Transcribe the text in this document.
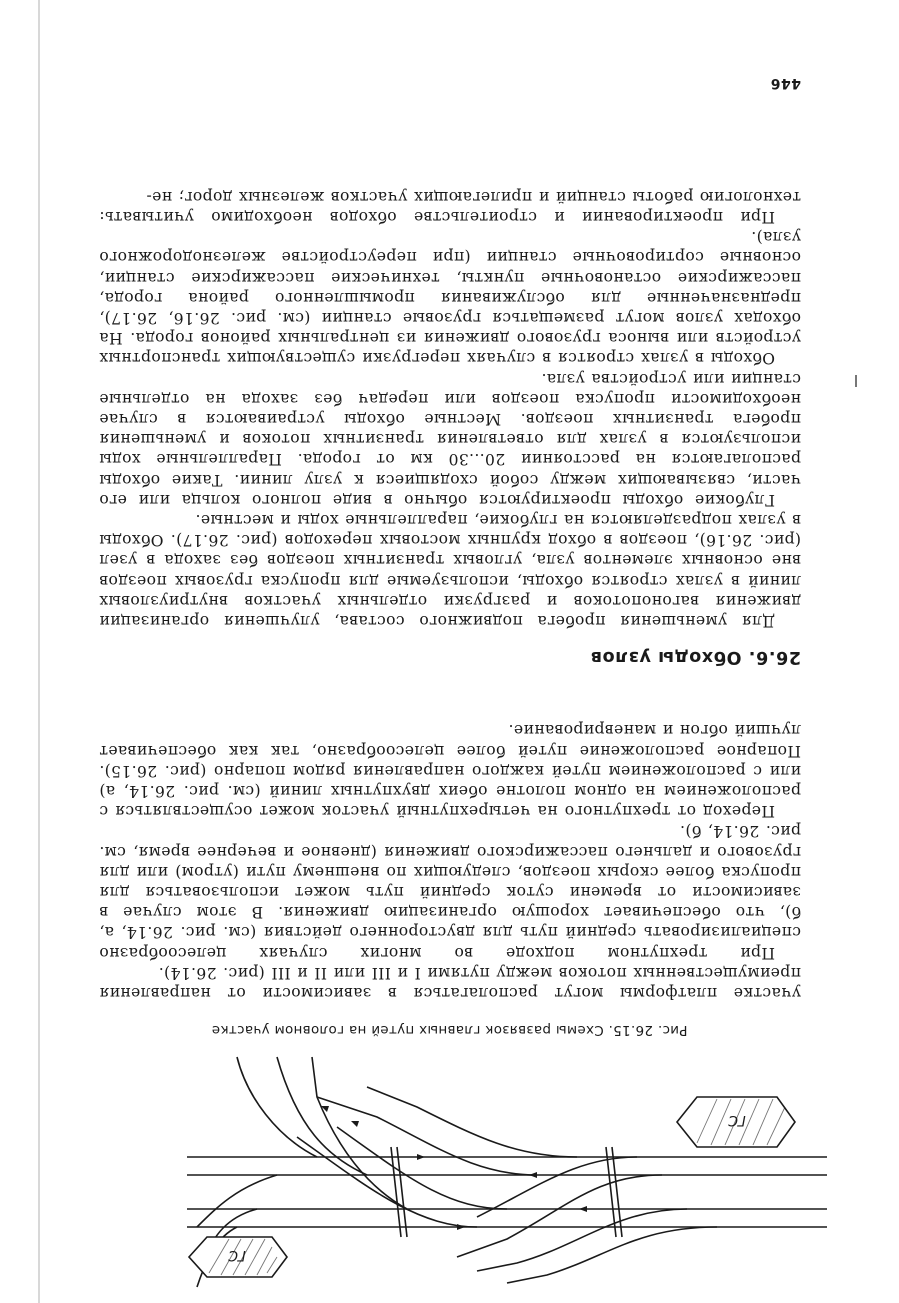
ГС
ГС
Рис. 26.15. Схемы развязок главных путей на головном участке

участке платформы могут располагаться в зависимости от направления преимущественных потоков между путями I и III или II и III (рис. 26.14).

При трехпутном подходе во многих случаях целесообразно специализировать средний путь для двустороннего действия (см. рис. 26.14, а, б), что обеспечивает хорошую организацию движения. В этом случае в зависимости от времени суток средний путь может использоваться для пропуска более скорых поездов, следующих по внешнему пути (утром) или для грузового и дальнего пассажирского движения (дневное и вечернее время, см. рис. 26.14, б).

Переход от трехпутного на четырехпутный участок может осуществляться с расположением на одном полотне обеих двухпутных линий (см. рис. 26.14, а) или с расположением путей каждого направления рядом попарно (рис. 26.15). Попарное расположение путей более целесообразно, так как обеспечивает лучший обгон и маневрирование.

26.6. Обходы узлов

Для уменьшения пробега подвижного состава, улучшения организации движения вагонопотоков и разгрузки отдельных участков внутриузловых линий в узлах строятся обходы, используемые для пропуска грузовых поездов вне основных элементов узла, угловых транзитных поездов без захода в узел (рис. 26.16), поездов в обход крупных мостовых переходов (рис. 26.17). Обходы в узлах подразделяются на глубокие, параллельные ходы и местные.

Глубокие обходы проектируются обычно в виде полного кольца или его части, связывающих между собой сходящиеся к узлу линии. Такие обходы располагаются на расстоянии 20...30 км от города. Параллельные ходы используются в узлах для ответвления транзитных потоков и уменьшения пробега транзитных поездов. Местные обходы устраиваются в случае необходимости пропуска поездов или передач без захода на отдельные станции или устройства узла.

Обходы в узлах строятся в случаях перегрузки существующих транспортных устройств или выноса грузового движения из центральных районов города. На обходах узлов могут размещаться грузовые станции (см. рис. 26.16, 26.17), предназначенные для обслуживания промышленного района города, пассажирские остановочные пункты, технические пассажирские станции, основные сортировочные станции (при переустройстве железнодорожного узла).

При проектировании и строительстве обходов необходимо учитывать: технологию работы станций и прилегающих участков железных дорог; не-

446
